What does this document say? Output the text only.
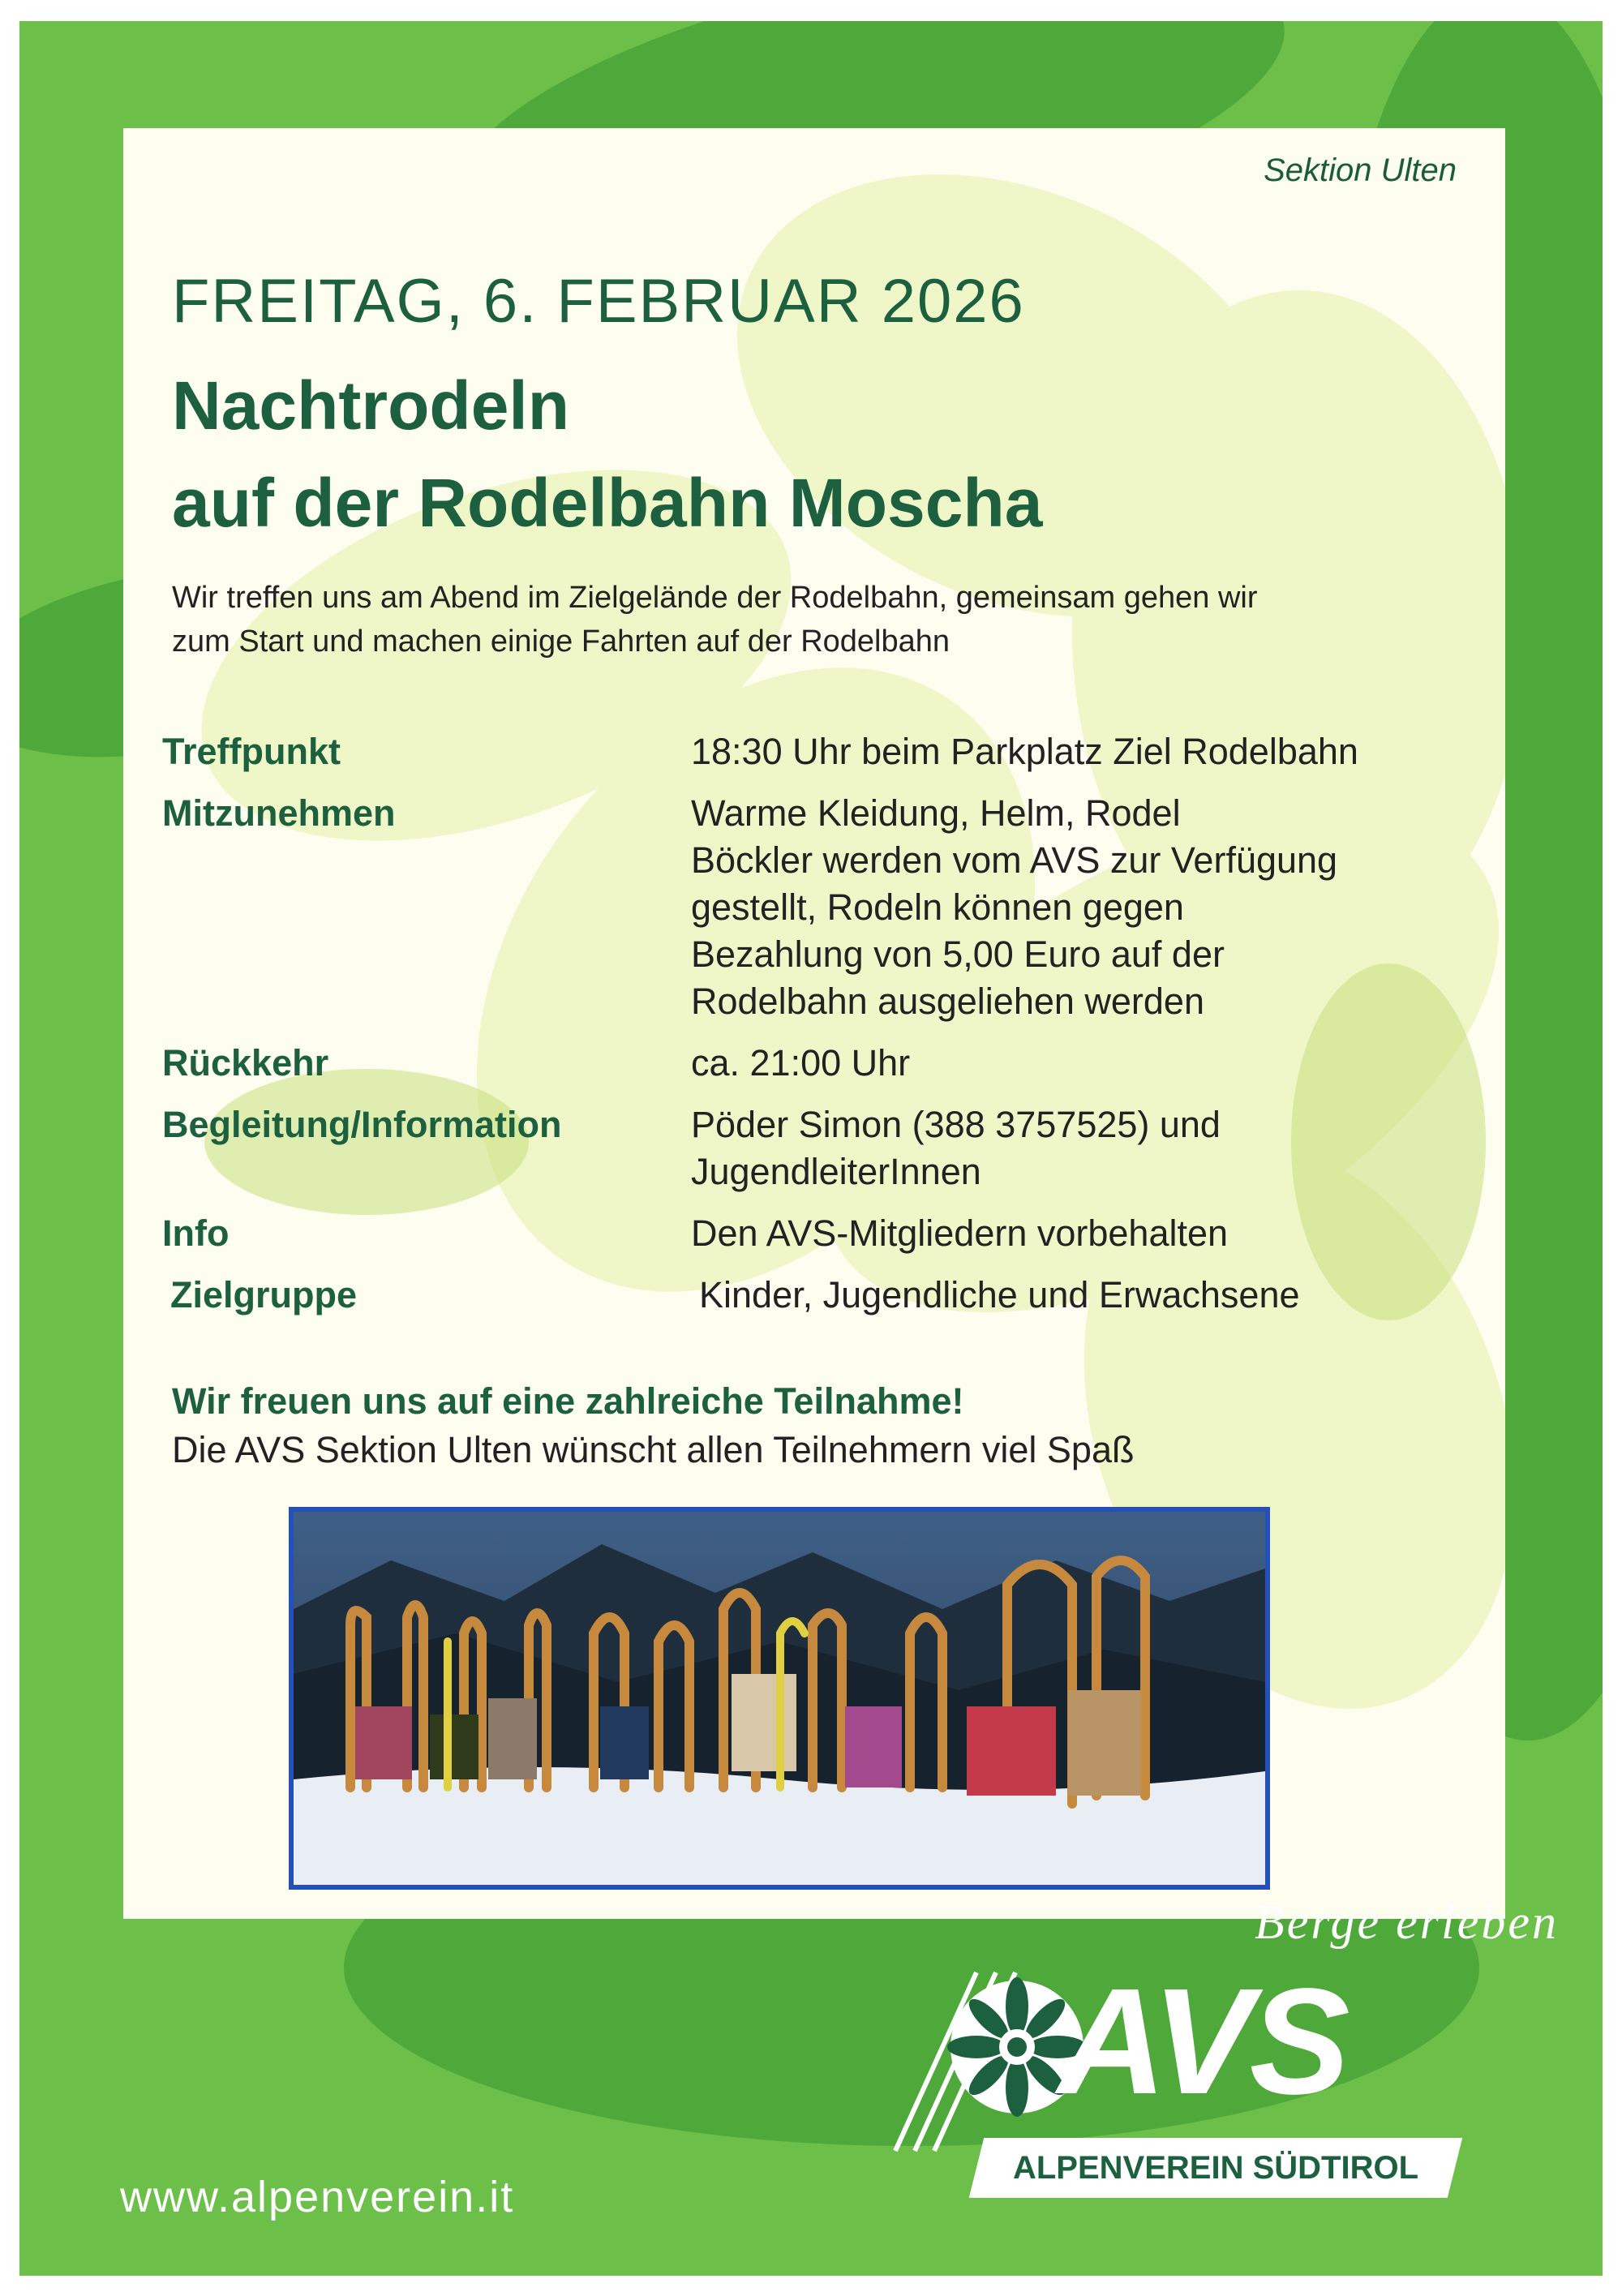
Sektion Ulten
FREITAG, 6. FEBRUAR 2026
Nachtrodeln
auf der Rodelbahn Moscha
Wir treffen uns am Abend im Zielgelände der Rodelbahn, gemeinsam gehen wir
zum Start und machen einige Fahrten auf der Rodelbahn
Treffpunkt	18:30 Uhr beim Parkplatz Ziel Rodelbahn
Mitzunehmen	Warme Kleidung, Helm, Rodel
Böckler werden vom AVS zur Verfügung
gestellt, Rodeln können gegen
Bezahlung von 5,00 Euro auf der
Rodelbahn ausgeliehen werden
Rückkehr	ca. 21:00 Uhr
Begleitung/Information	Pöder Simon (388 3757525) und
JugendleiterInnen
Info	Den AVS-Mitgliedern vorbehalten
Zielgruppe	Kinder, Jugendliche und Erwachsene
Wir freuen uns auf eine zahlreiche Teilnahme!
Die AVS Sektion Ulten wünscht allen Teilnehmern viel Spaß
Berge erleben
AVS
ALPENVEREIN SÜDTIROL
www.alpenverein.it
